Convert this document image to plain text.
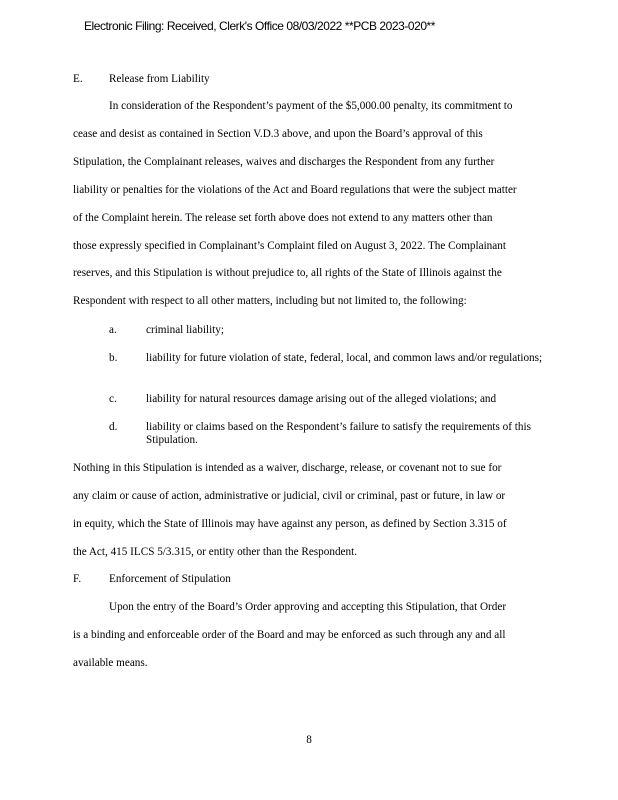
Electronic Filing: Received, Clerk's Office 08/03/2022 **PCB 2023-020**
E. Release from Liability
In consideration of the Respondent’s payment of the $5,000.00 penalty, its commitment to
cease and desist as contained in Section V.D.3 above, and upon the Board’s approval of this
Stipulation, the Complainant releases, waives and discharges the Respondent from any further
liability or penalties for the violations of the Act and Board regulations that were the subject matter
of the Complaint herein. The release set forth above does not extend to any matters other than
those expressly specified in Complainant’s Complaint filed on August 3, 2022. The Complainant
reserves, and this Stipulation is without prejudice to, all rights of the State of Illinois against the
Respondent with respect to all other matters, including but not limited to, the following:
a.	criminal liability;
b.	liability for future violation of state, federal, local, and common laws and/or regulations;
c.	liability for natural resources damage arising out of the alleged violations; and
d.	liability or claims based on the Respondent’s failure to satisfy the requirements of this Stipulation.
Nothing in this Stipulation is intended as a waiver, discharge, release, or covenant not to sue for
any claim or cause of action, administrative or judicial, civil or criminal, past or future, in law or
in equity, which the State of Illinois may have against any person, as defined by Section 3.315 of
the Act, 415 ILCS 5/3.315, or entity other than the Respondent.
F. Enforcement of Stipulation
Upon the entry of the Board’s Order approving and accepting this Stipulation, that Order
is a binding and enforceable order of the Board and may be enforced as such through any and all
available means.
8
